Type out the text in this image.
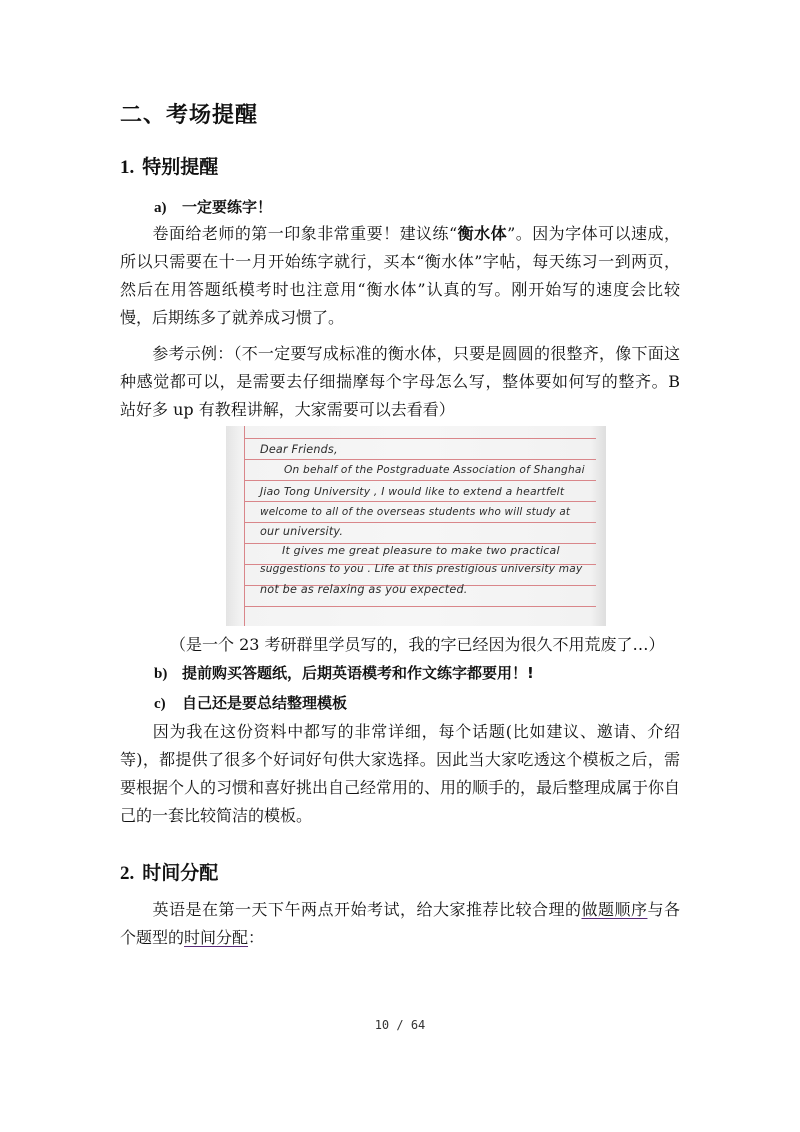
二、考场提醒
1. 特别提醒
a) 一定要练字！
卷面给老师的第一印象非常重要！建议练“衡水体”。因为字体可以速成，所以只需要在十一月开始练字就行，买本“衡水体”字帖，每天练习一到两页，然后在用答题纸模考时也注意用“衡水体”认真的写。刚开始写的速度会比较慢，后期练多了就养成习惯了。
参考示例：（不一定要写成标准的衡水体，只要是圆圆的很整齐，像下面这种感觉都可以，是需要去仔细揣摩每个字母怎么写，整体要如何写的整齐。B 站好多 up 有教程讲解，大家需要可以去看看）
Dear Friends,
On behalf of the Postgraduate Association of Shanghai
Jiao Tong University , I would like to extend a heartfelt
welcome to all of the overseas students who will study at
our university.
It gives me great pleasure to make two practical
suggestions to you . Life at this prestigious university may
not be as relaxing as you expected.
（是一个 23 考研群里学员写的，我的字已经因为很久不用荒废了…）
b) 提前购买答题纸，后期英语模考和作文练字都要用！!
c) 自己还是要总结整理模板
因为我在这份资料中都写的非常详细，每个话题(比如建议、邀请、介绍等)，都提供了很多个好词好句供大家选择。因此当大家吃透这个模板之后，需要根据个人的习惯和喜好挑出自己经常用的、用的顺手的，最后整理成属于你自己的一套比较简洁的模板。
2. 时间分配
英语是在第一天下午两点开始考试，给大家推荐比较合理的做题顺序与各个题型的时间分配：
10 / 64
